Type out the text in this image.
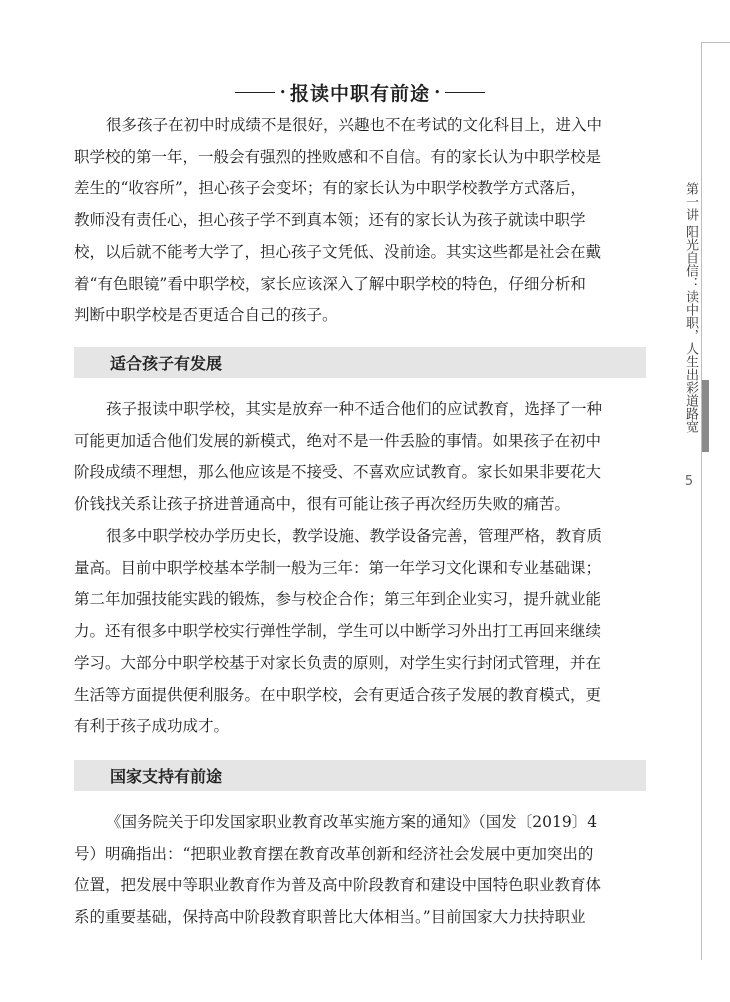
第一讲 阳光自信：读中职，人生出彩道路宽
5
• 报读中职有前途 •

很多孩子在初中时成绩不是很好，兴趣也不在考试的文化科目上，进入中
职学校的第一年，一般会有强烈的挫败感和不自信。有的家长认为中职学校是
差生的“收容所”，担心孩子会变坏；有的家长认为中职学校教学方式落后，
教师没有责任心，担心孩子学不到真本领；还有的家长认为孩子就读中职学
校，以后就不能考大学了，担心孩子文凭低、没前途。其实这些都是社会在戴
着“有色眼镜”看中职学校，家长应该深入了解中职学校的特色，仔细分析和
判断中职学校是否更适合自己的孩子。

适合孩子有发展

孩子报读中职学校，其实是放弃一种不适合他们的应试教育，选择了一种
可能更加适合他们发展的新模式，绝对不是一件丢脸的事情。如果孩子在初中
阶段成绩不理想，那么他应该是不接受、不喜欢应试教育。家长如果非要花大
价钱找关系让孩子挤进普通高中，很有可能让孩子再次经历失败的痛苦。

很多中职学校办学历史长，教学设施、教学设备完善，管理严格，教育质
量高。目前中职学校基本学制一般为三年：第一年学习文化课和专业基础课；
第二年加强技能实践的锻炼，参与校企合作；第三年到企业实习，提升就业能
力。还有很多中职学校实行弹性学制，学生可以中断学习外出打工再回来继续
学习。大部分中职学校基于对家长负责的原则，对学生实行封闭式管理，并在
生活等方面提供便利服务。在中职学校，会有更适合孩子发展的教育模式，更
有利于孩子成功成才。

国家支持有前途

《国务院关于印发国家职业教育改革实施方案的通知》（国发〔2019〕4
号）明确指出：“把职业教育摆在教育改革创新和经济社会发展中更加突出的
位置，把发展中等职业教育作为普及高中阶段教育和建设中国特色职业教育体
系的重要基础，保持高中阶段教育职普比大体相当。”目前国家大力扶持职业
